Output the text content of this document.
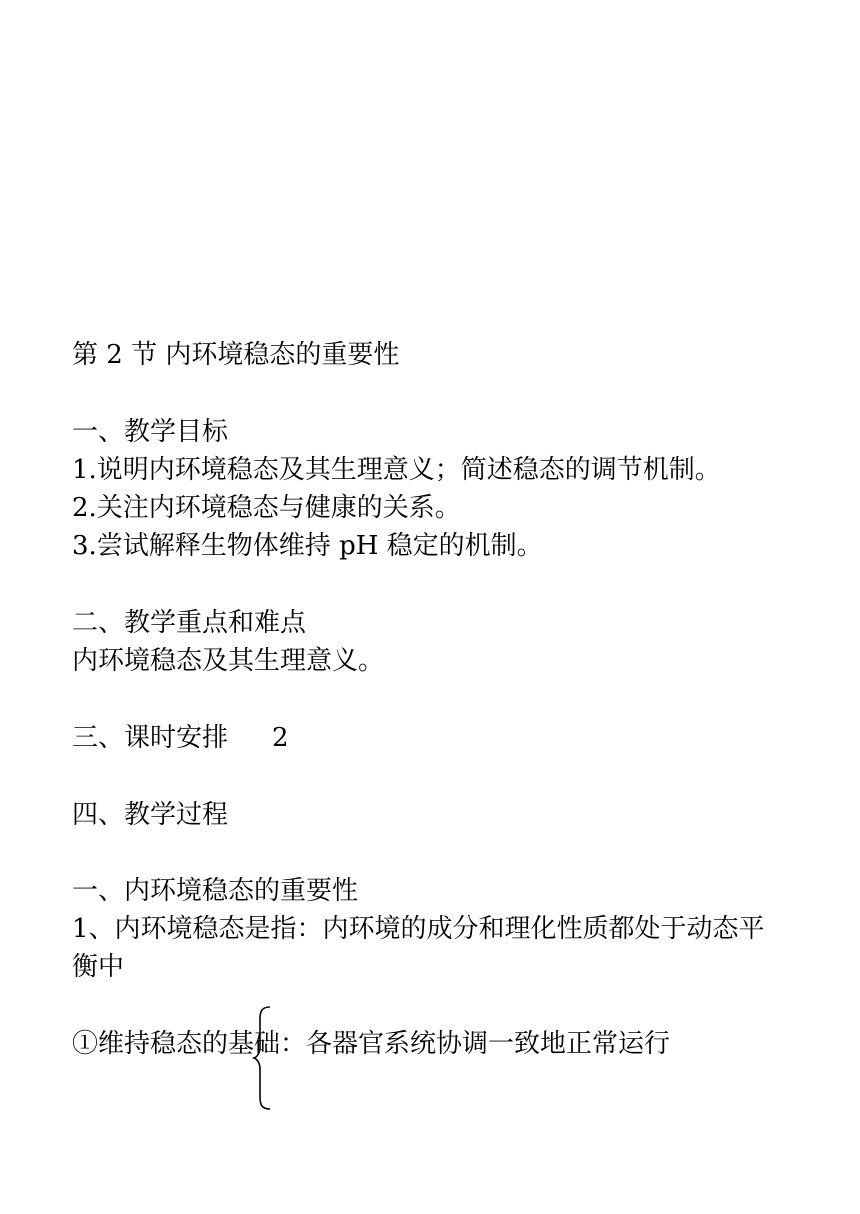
第 2 节 内环境稳态的重要性
一、教学目标
1.说明内环境稳态及其生理意义；简述稳态的调节机制。
2.关注内环境稳态与健康的关系。
3.尝试解释生物体维持 pH 稳定的机制。
二、教学重点和难点
内环境稳态及其生理意义。
三、课时安排 2
四、教学过程
一、内环境稳态的重要性
1、内环境稳态是指：内环境的成分和理化性质都处于动态平
衡中
①维持稳态的基础：各器官系统协调一致地正常运行
